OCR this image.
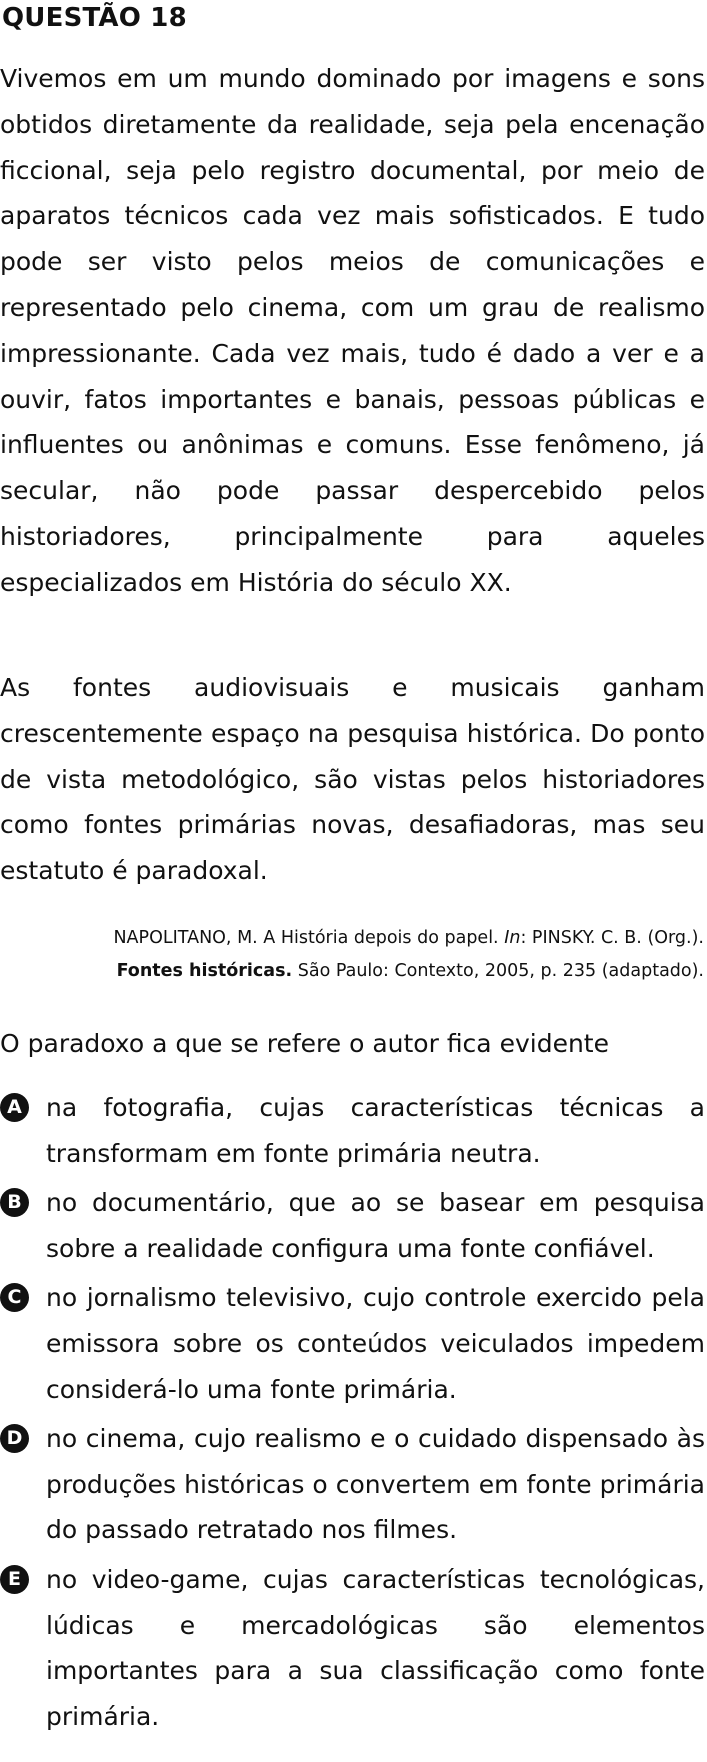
QUESTÃO 18
Vivemos em um mundo dominado por imagens e sons obtidos diretamente da realidade, seja pela encenação ficcional, seja pelo registro documental, por meio de aparatos técnicos cada vez mais sofisticados. E tudo pode ser visto pelos meios de comunicações e representado pelo cinema, com um grau de realismo impressionante. Cada vez mais, tudo é dado a ver e a ouvir, fatos importantes e banais, pessoas públicas e influentes ou anônimas e comuns. Esse fenômeno, já secular, não pode passar despercebido pelos historiadores, principalmente para aqueles especializados em História do século XX.
As fontes audiovisuais e musicais ganham crescentemente espaço na pesquisa histórica. Do ponto de vista metodológico, são vistas pelos historiadores como fontes primárias novas, desafiadoras, mas seu estatuto é paradoxal.
NAPOLITANO, M. A História depois do papel. In: PINSKY. C. B. (Org.).
Fontes históricas. São Paulo: Contexto, 2005, p. 235 (adaptado).
O paradoxo a que se refere o autor fica evidente
A na fotografia, cujas características técnicas a transformam em fonte primária neutra.
B no documentário, que ao se basear em pesquisa sobre a realidade configura uma fonte confiável.
C no jornalismo televisivo, cujo controle exercido pela emissora sobre os conteúdos veiculados impedem considerá-lo uma fonte primária.
D no cinema, cujo realismo e o cuidado dispensado às produções históricas o convertem em fonte primária do passado retratado nos filmes.
E	no video-game, cujas características tecnológicas, lúdicas e mercadológicas são elementos importantes para a sua classificação como fonte primária.
